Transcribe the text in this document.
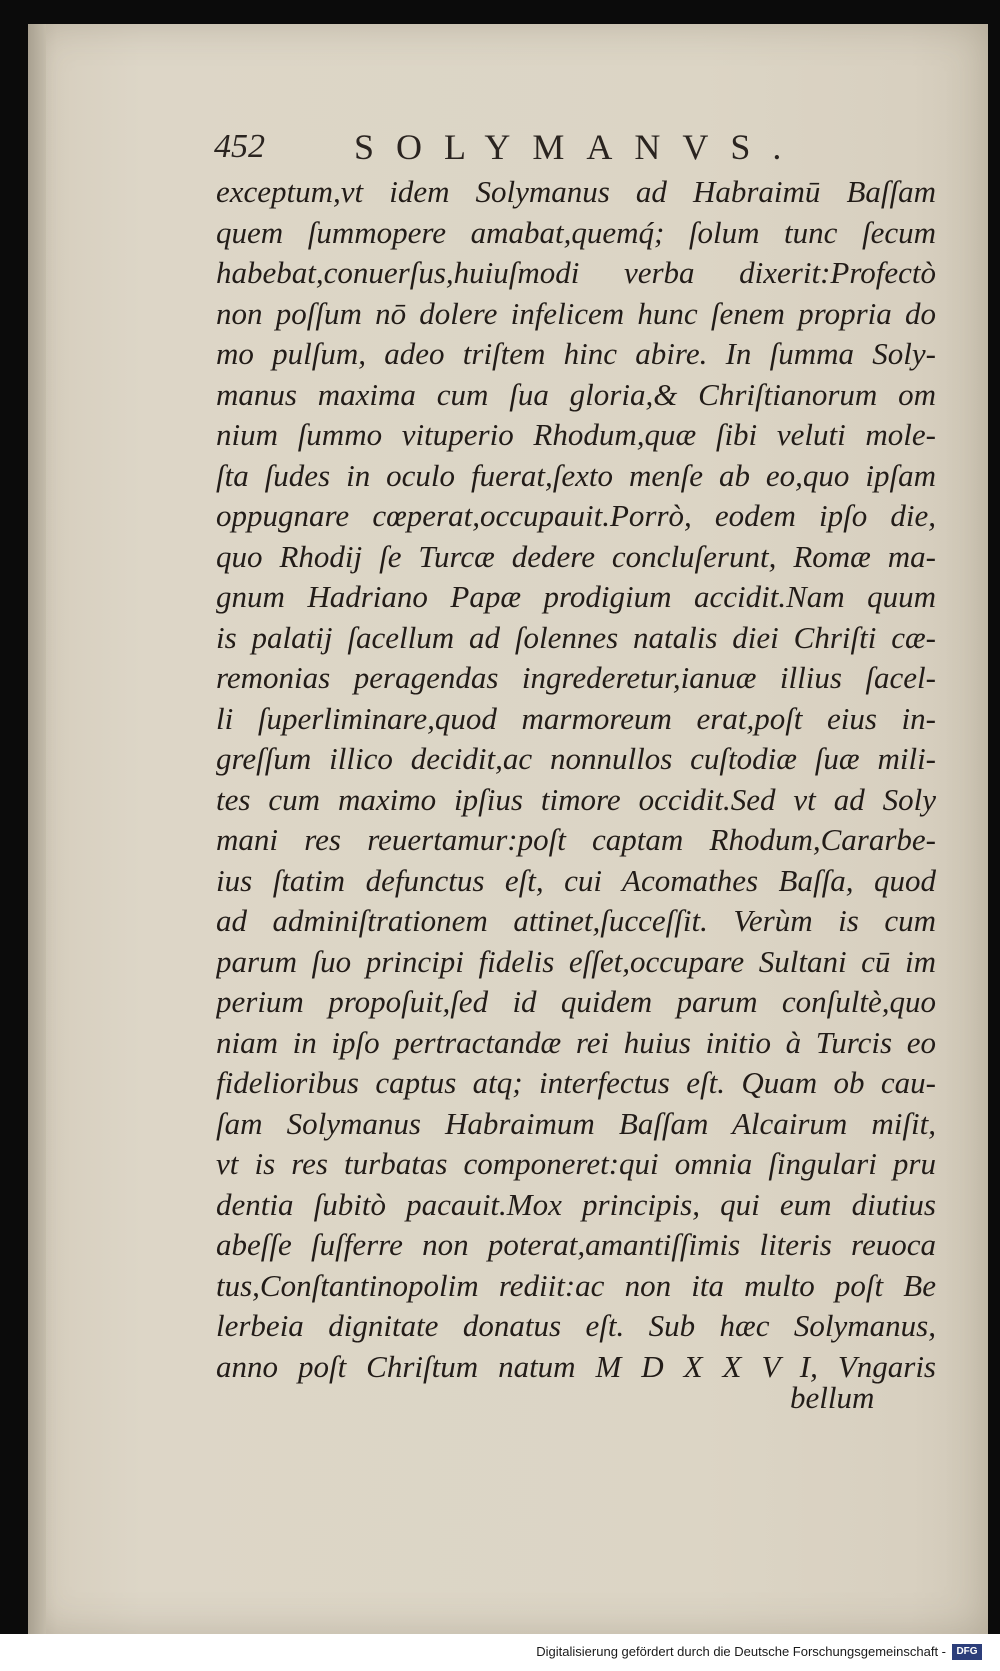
452 SOLYMANVS.
exceptum,vt idem Solymanus ad Habraimū Baſſam
quem ſummopere amabat,quemq́; ſolum tunc ſecum
habebat,conuerſus,huiuſmodi verba dixerit:Profectò
non poſſum nō dolere infelicem hunc ſenem propria do
mo pulſum, adeo triſtem hinc abire. In ſumma Soly-
manus maxima cum ſua gloria,& Chriſtianorum om
nium ſummo vituperio Rhodum,quæ ſibi veluti mole-
ſta ſudes in oculo fuerat,ſexto menſe ab eo,quo ipſam
oppugnare cœperat,occupauit.Porrò, eodem ipſo die,
quo Rhodij ſe Turcæ dedere concluſerunt, Romæ ma-
gnum Hadriano Papæ prodigium accidit.Nam quum
is palatij ſacellum ad ſolennes natalis diei Chriſti cæ-
remonias peragendas ingrederetur,ianuæ illius ſacel-
li ſuperliminare,quod marmoreum erat,poſt eius in-
greſſum illico decidit,ac nonnullos cuſtodiæ ſuæ mili-
tes cum maximo ipſius timore occidit.Sed vt ad Soly
mani res reuertamur:poſt captam Rhodum,Cararbe-
ius ſtatim defunctus eſt, cui Acomathes Baſſa, quod
ad adminiſtrationem attinet,ſucceſſit. Verùm is cum
parum ſuo principi fidelis eſſet,occupare Sultani cū im
perium propoſuit,ſed id quidem parum conſultè,quo
niam in ipſo pertractandæ rei huius initio à Turcis eo
fidelioribus captus atq; interfectus eſt. Quam ob cau-
ſam Solymanus Habraimum Baſſam Alcairum miſit,
vt is res turbatas componeret:qui omnia ſingulari pru
dentia ſubitò pacauit.Mox principis, qui eum diutius
abeſſe ſuſferre non poterat,amantiſſimis literis reuoca
tus,Conſtantinopolim rediit:ac non ita multo poſt Be
lerbeia dignitate donatus eſt. Sub hæc Solymanus,
anno poſt Chriſtum natum M D X X V I, Vngaris
bellum
Digitalisierung gefördert durch die Deutsche Forschungsgemeinschaft -	DFG
